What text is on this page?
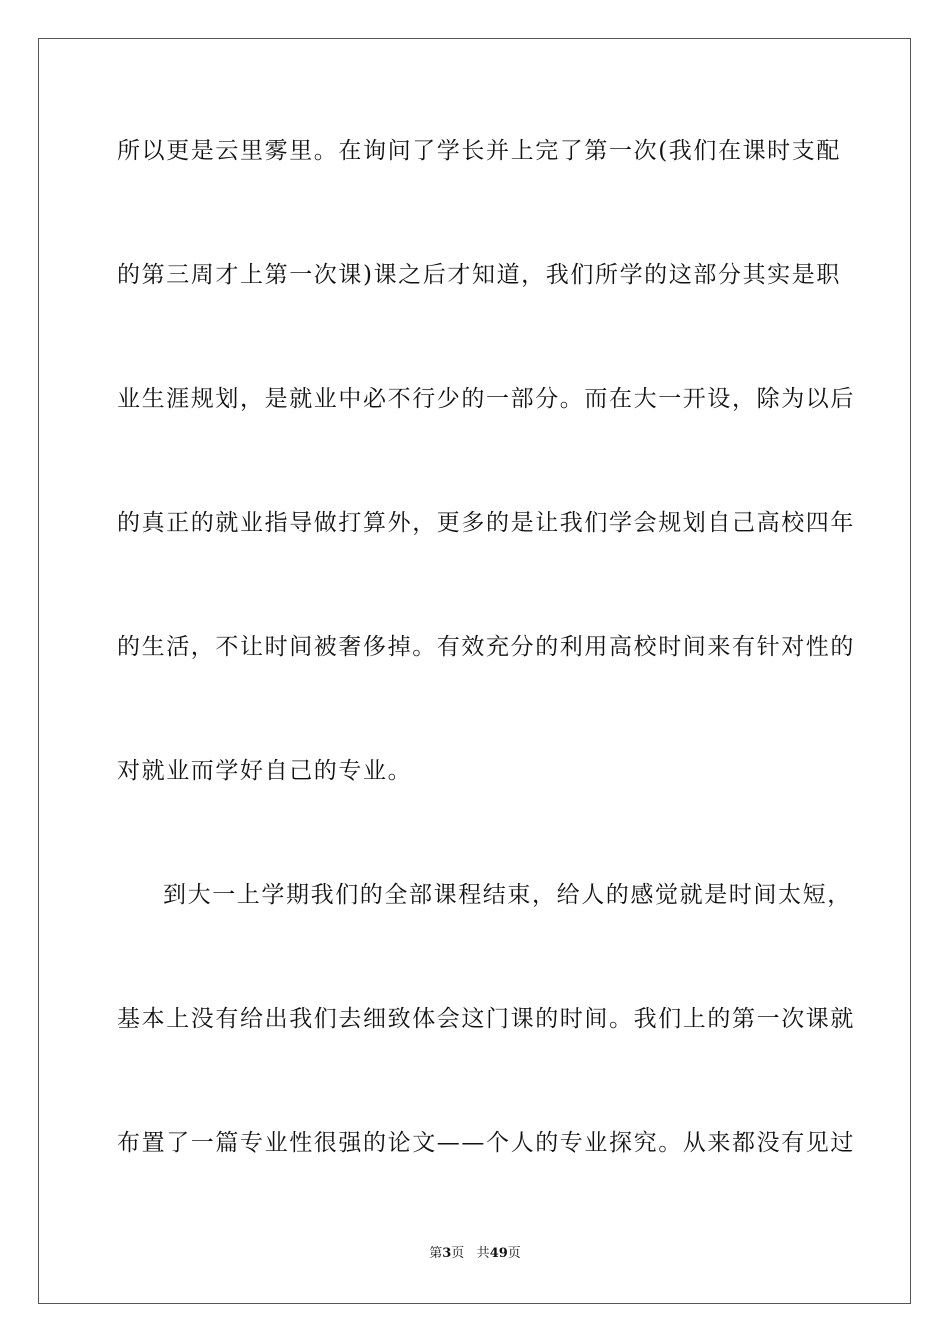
所以更是云里雾里。在询问了学长并上完了第一次(我们在课时支配
的第三周才上第一次课)课之后才知道，我们所学的这部分其实是职
业生涯规划，是就业中必不行少的一部分。而在大一开设，除为以后
的真正的就业指导做打算外，更多的是让我们学会规划自己高校四年
的生活，不让时间被奢侈掉。有效充分的利用高校时间来有针对性的
对就业而学好自己的专业。
到大一上学期我们的全部课程结束，给人的感觉就是时间太短，
基本上没有给出我们去细致体会这门课的时间。我们上的第一次课就
布置了一篇专业性很强的论文——个人的专业探究。从来都没有见过
第3页 共49页
